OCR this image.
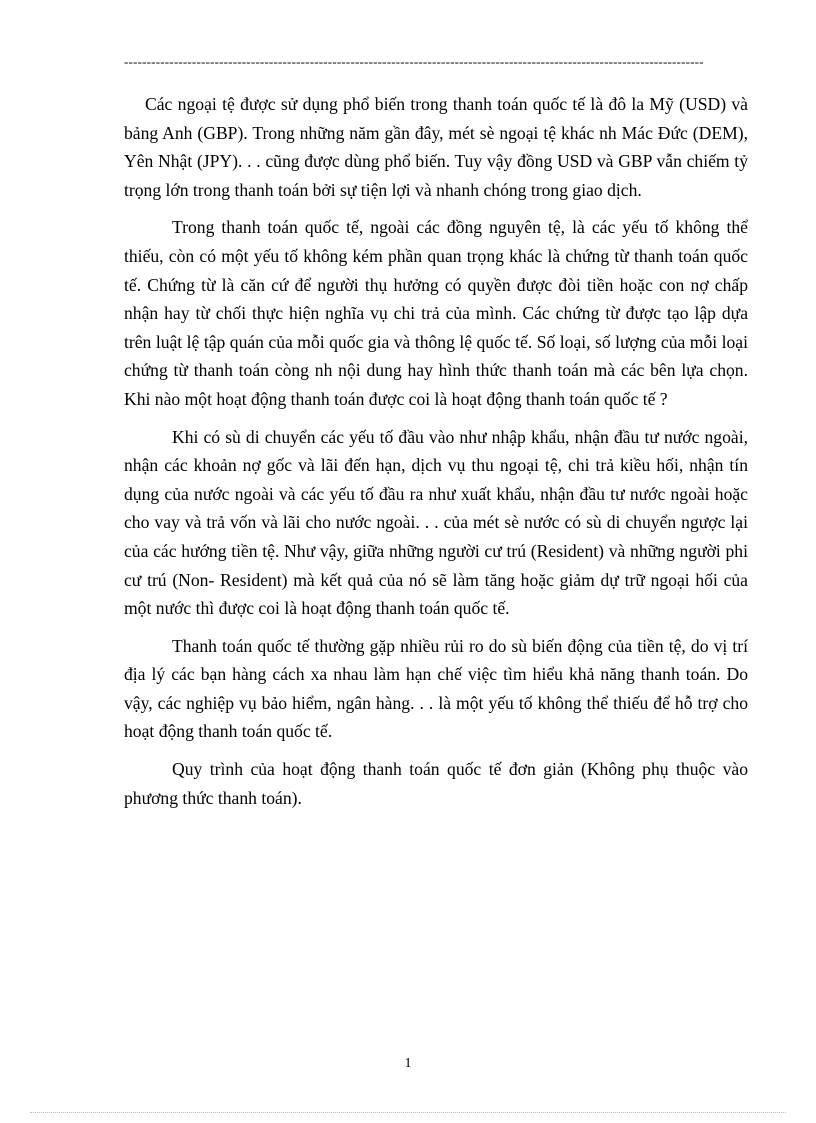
--------------------------------------------------------------------------------------------------------------------------------

Các ngoại tệ được sử dụng phổ biến trong thanh toán quốc tế là đô la Mỹ (USD) và bảng Anh (GBP). Trong những năm gần đây, mét sè ngoại tệ khác nh Mác Đức (DEM), Yên Nhật (JPY). . . cũng được dùng phổ biến. Tuy vậy đồng USD và GBP vẫn chiếm tỷ trọng lớn trong thanh toán bởi sự tiện lợi và nhanh chóng trong giao dịch.

Trong thanh toán quốc tế, ngoài các đồng nguyên tệ, là các yếu tố không thể thiếu, còn có một yếu tố không kém phần quan trọng khác là chứng từ thanh toán quốc tế. Chứng từ là căn cứ để người thụ hưởng có quyền được đòi tiền hoặc con nợ chấp nhận hay từ chối thực hiện nghĩa vụ chi trả của mình. Các chứng từ được tạo lập dựa trên luật lệ tập quán của mỗi quốc gia và thông lệ quốc tế. Số loại, số lượng của mỗi loại chứng từ thanh toán còng nh nội dung hay hình thức thanh toán mà các bên lựa chọn. Khi nào một hoạt động thanh toán được coi là hoạt động thanh toán quốc tế ?

Khi có sù di chuyển các yếu tố đầu vào như nhập khẩu, nhận đầu tư nước ngoài, nhận các khoản nợ gốc và lãi đến hạn, dịch vụ thu ngoại tệ, chi trả kiều hối, nhận tín dụng của nước ngoài và các yếu tố đầu ra như xuất khẩu, nhận đầu tư nước ngoài hoặc cho vay và trả vốn và lãi cho nước ngoài. . . của mét sè nước có sù di chuyển ngược lại của các hướng tiền tệ. Như vậy, giữa những người cư trú (Resident) và những người phi cư trú (Non- Resident) mà kết quả của nó sẽ làm tăng hoặc giảm dự trữ ngoại hối của một nước thì được coi là hoạt động thanh toán quốc tế.

Thanh toán quốc tế thường gặp nhiều rủi ro do sù biến động của tiền tệ, do vị trí địa lý các bạn hàng cách xa nhau làm hạn chế việc tìm hiểu khả năng thanh toán. Do vậy, các nghiệp vụ bảo hiểm, ngân hàng. . . là một yếu tố không thể thiếu để hỗ trợ cho hoạt động thanh toán quốc tế.

Quy trình của hoạt động thanh toán quốc tế đơn giản (Không phụ thuộc vào phương thức thanh toán).

1
